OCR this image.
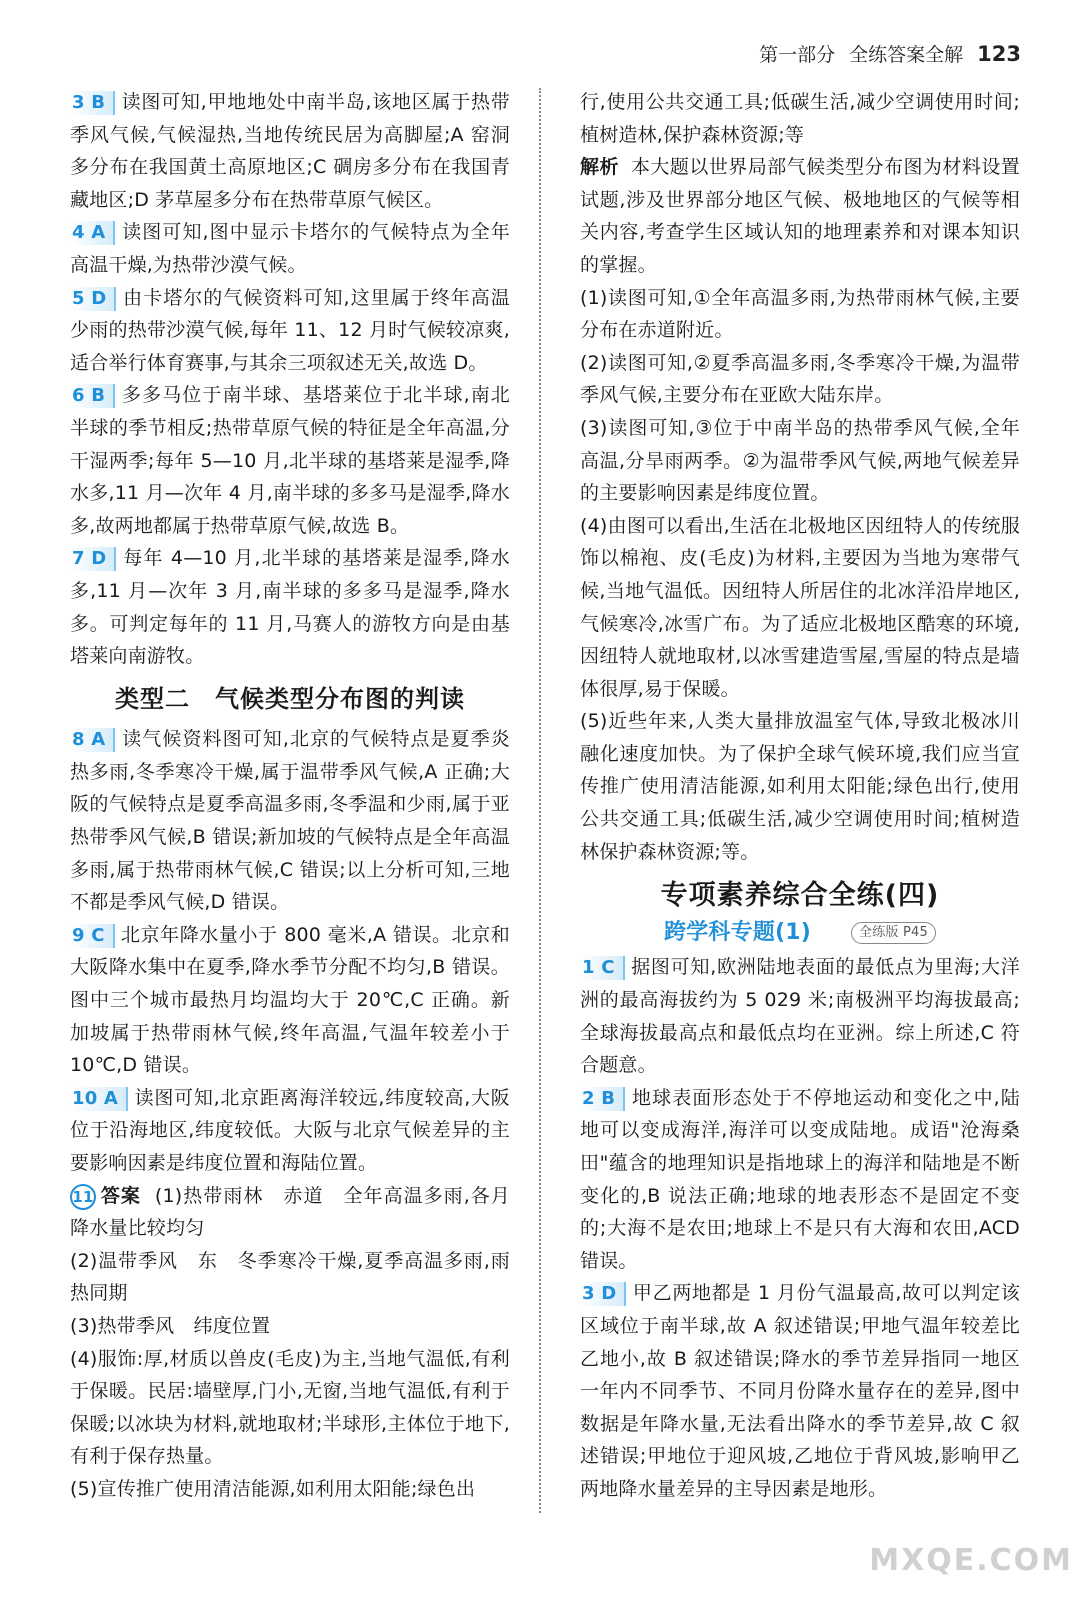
第一部分 全练答案全解 123

3 B 读图可知,甲地地处中南半岛,该地区属于热带季风气候,气候湿热,当地传统民居为高脚屋;A 窑洞多分布在我国黄土高原地区;C 碉房多分布在我国青藏地区;D 茅草屋多分布在热带草原气候区。

4 A 读图可知,图中显示卡塔尔的气候特点为全年高温干燥,为热带沙漠气候。

5 D 由卡塔尔的气候资料可知,这里属于终年高温少雨的热带沙漠气候,每年 11、12 月时气候较凉爽,适合举行体育赛事,与其余三项叙述无关,故选 D。

6 B 多多马位于南半球、基塔莱位于北半球,南北半球的季节相反;热带草原气候的特征是全年高温,分干湿两季;每年 5—10 月,北半球的基塔莱是湿季,降水多,11 月—次年 4 月,南半球的多多马是湿季,降水多,故两地都属于热带草原气候,故选 B。

7 D 每年 4—10 月,北半球的基塔莱是湿季,降水多,11 月—次年 3 月,南半球的多多马是湿季,降水多。可判定每年的 11 月,马赛人的游牧方向是由基塔莱向南游牧。

类型二　气候类型分布图的判读

8 A 读气候资料图可知,北京的气候特点是夏季炎热多雨,冬季寒冷干燥,属于温带季风气候,A 正确;大阪的气候特点是夏季高温多雨,冬季温和少雨,属于亚热带季风气候,B 错误;新加坡的气候特点是全年高温多雨,属于热带雨林气候,C 错误;以上分析可知,三地不都是季风气候,D 错误。

9 C 北京年降水量小于 800 毫米,A 错误。北京和大阪降水集中在夏季,降水季节分配不均匀,B 错误。图中三个城市最热月均温均大于 20℃,C 正确。新加坡属于热带雨林气候,终年高温,气温年较差小于 10℃,D 错误。

10 A 读图可知,北京距离海洋较远,纬度较高,大阪位于沿海地区,纬度较低。大阪与北京气候差异的主要影响因素是纬度位置和海陆位置。

11 答案 (1)热带雨林　赤道　全年高温多雨,各月降水量比较均匀

(2)温带季风　东　冬季寒冷干燥,夏季高温多雨,雨热同期

(3)热带季风　纬度位置

(4)服饰:厚,材质以兽皮(毛皮)为主,当地气温低,有利于保暖。民居:墙壁厚,门小,无窗,当地气温低,有利于保暖;以冰块为材料,就地取材;半球形,主体位于地下,有利于保存热量。

(5)宣传推广使用清洁能源,如利用太阳能;绿色出

行,使用公共交通工具;低碳生活,减少空调使用时间;植树造林,保护森林资源;等

解析 本大题以世界局部气候类型分布图为材料设置试题,涉及世界部分地区气候、极地地区的气候等相关内容,考查学生区域认知的地理素养和对课本知识的掌握。

(1)读图可知,①全年高温多雨,为热带雨林气候,主要分布在赤道附近。

(2)读图可知,②夏季高温多雨,冬季寒冷干燥,为温带季风气候,主要分布在亚欧大陆东岸。

(3)读图可知,③位于中南半岛的热带季风气候,全年高温,分旱雨两季。②为温带季风气候,两地气候差异的主要影响因素是纬度位置。

(4)由图可以看出,生活在北极地区因纽特人的传统服饰以棉袍、皮(毛皮)为材料,主要因为当地为寒带气候,当地气温低。因纽特人所居住的北冰洋沿岸地区,气候寒冷,冰雪广布。为了适应北极地区酷寒的环境,因纽特人就地取材,以冰雪建造雪屋,雪屋的特点是墙体很厚,易于保暖。

(5)近些年来,人类大量排放温室气体,导致北极冰川融化速度加快。为了保护全球气候环境,我们应当宣传推广使用清洁能源,如利用太阳能;绿色出行,使用公共交通工具;低碳生活,减少空调使用时间;植树造林保护森林资源;等。

专项素养综合全练(四)
跨学科专题(1)	全练版 P45

1 C 据图可知,欧洲陆地表面的最低点为里海;大洋洲的最高海拔约为 5 029 米;南极洲平均海拔最高;全球海拔最高点和最低点均在亚洲。综上所述,C 符合题意。

2 B 地球表面形态处于不停地运动和变化之中,陆地可以变成海洋,海洋可以变成陆地。成语"沧海桑田"蕴含的地理知识是指地球上的海洋和陆地是不断变化的,B 说法正确;地球的地表形态不是固定不变的;大海不是农田;地球上不是只有大海和农田,ACD 错误。

3 D 甲乙两地都是 1 月份气温最高,故可以判定该区域位于南半球,故 A 叙述错误;甲地气温年较差比乙地小,故 B 叙述错误;降水的季节差异指同一地区一年内不同季节、不同月份降水量存在的差异,图中数据是年降水量,无法看出降水的季节差异,故 C 叙述错误;甲地位于迎风坡,乙地位于背风坡,影响甲乙两地降水量差异的主导因素是地形。

MXQE.COM
